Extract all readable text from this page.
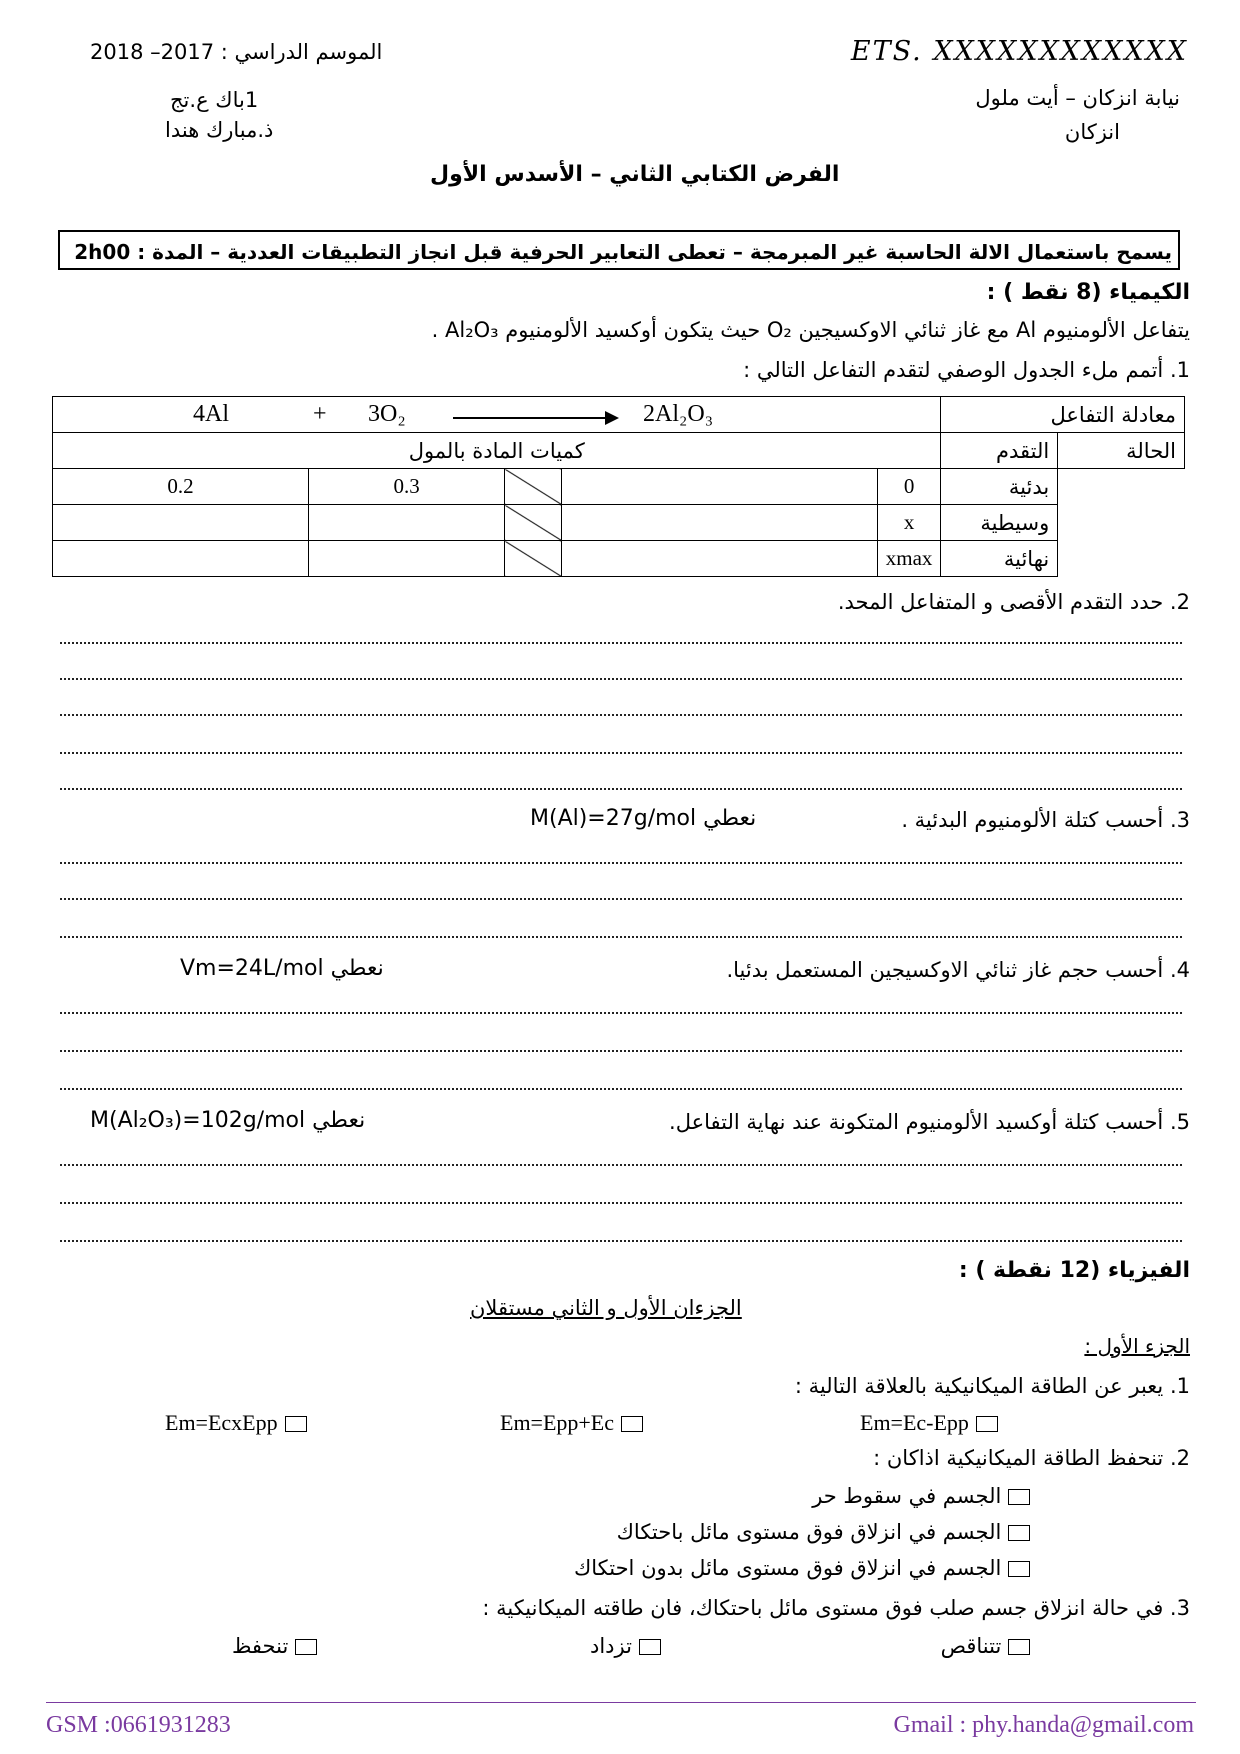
الموسم الدراسي : 2017– 2018	ETS. XXXXXXXXXXXX
1باك ع.تج
ذ.مبارك هندا
نيابة انزكان – أيت ملول
انزكان
الفرض الكتابي الثاني – الأسدس الأول
يسمح باستعمال الالة الحاسبة غير المبرمجة – تعطى التعابير الحرفية قبل انجاز التطبيقات العددية – المدة : 2h00
الكيمياء (8 نقط ) :
يتفاعل الألومنيوم Al مع غاز ثنائي الاوكسيجين O₂ حيث يتكون أوكسيد الألومنيوم Al₂O₃ .
1. أتمم ملء الجدول الوصفي لتقدم التفاعل التالي :
4Al + 3O₂ 2Al₂O₃					معادلة التفاعل	
كميات المادة بالمول					التقدم	الحالة
0.2	0.3			0	بدئية	
				x	وسيطية	
				xmax	نهائية	
2. حدد التقدم الأقصى و المتفاعل المحد.
3. أحسب كتلة الألومنيوم البدئية .
نعطي M(Al)=27g/mol
4. أحسب حجم غاز ثنائي الاوكسيجين المستعمل بدئيا.
نعطي Vm=24L/mol
5. أحسب كتلة أوكسيد الألومنيوم المتكونة عند نهاية التفاعل.
نعطي M(Al₂O₃)=102g/mol
الفيزياء (12 نقطة ) :
الجزءان الأول و الثاني مستقلان
الجزء الأول :
1. يعبر عن الطاقة الميكانيكية بالعلاقة التالية :
Em=Ec-Epp
Em=Epp+Ec
Em=EcxEpp
2. تنحفظ الطاقة الميكانيكية اذاكان :
الجسم في سقوط حر
الجسم في انزلاق فوق مستوى مائل باحتكاك
الجسم في انزلاق فوق مستوى مائل بدون احتكاك
3. في حالة انزلاق جسم صلب فوق مستوى مائل باحتكاك، فان طاقته الميكانيكية :
تتناقص
تزداد
تنحفظ
GSM :0661931283	Gmail : phy.handa@gmail.com
